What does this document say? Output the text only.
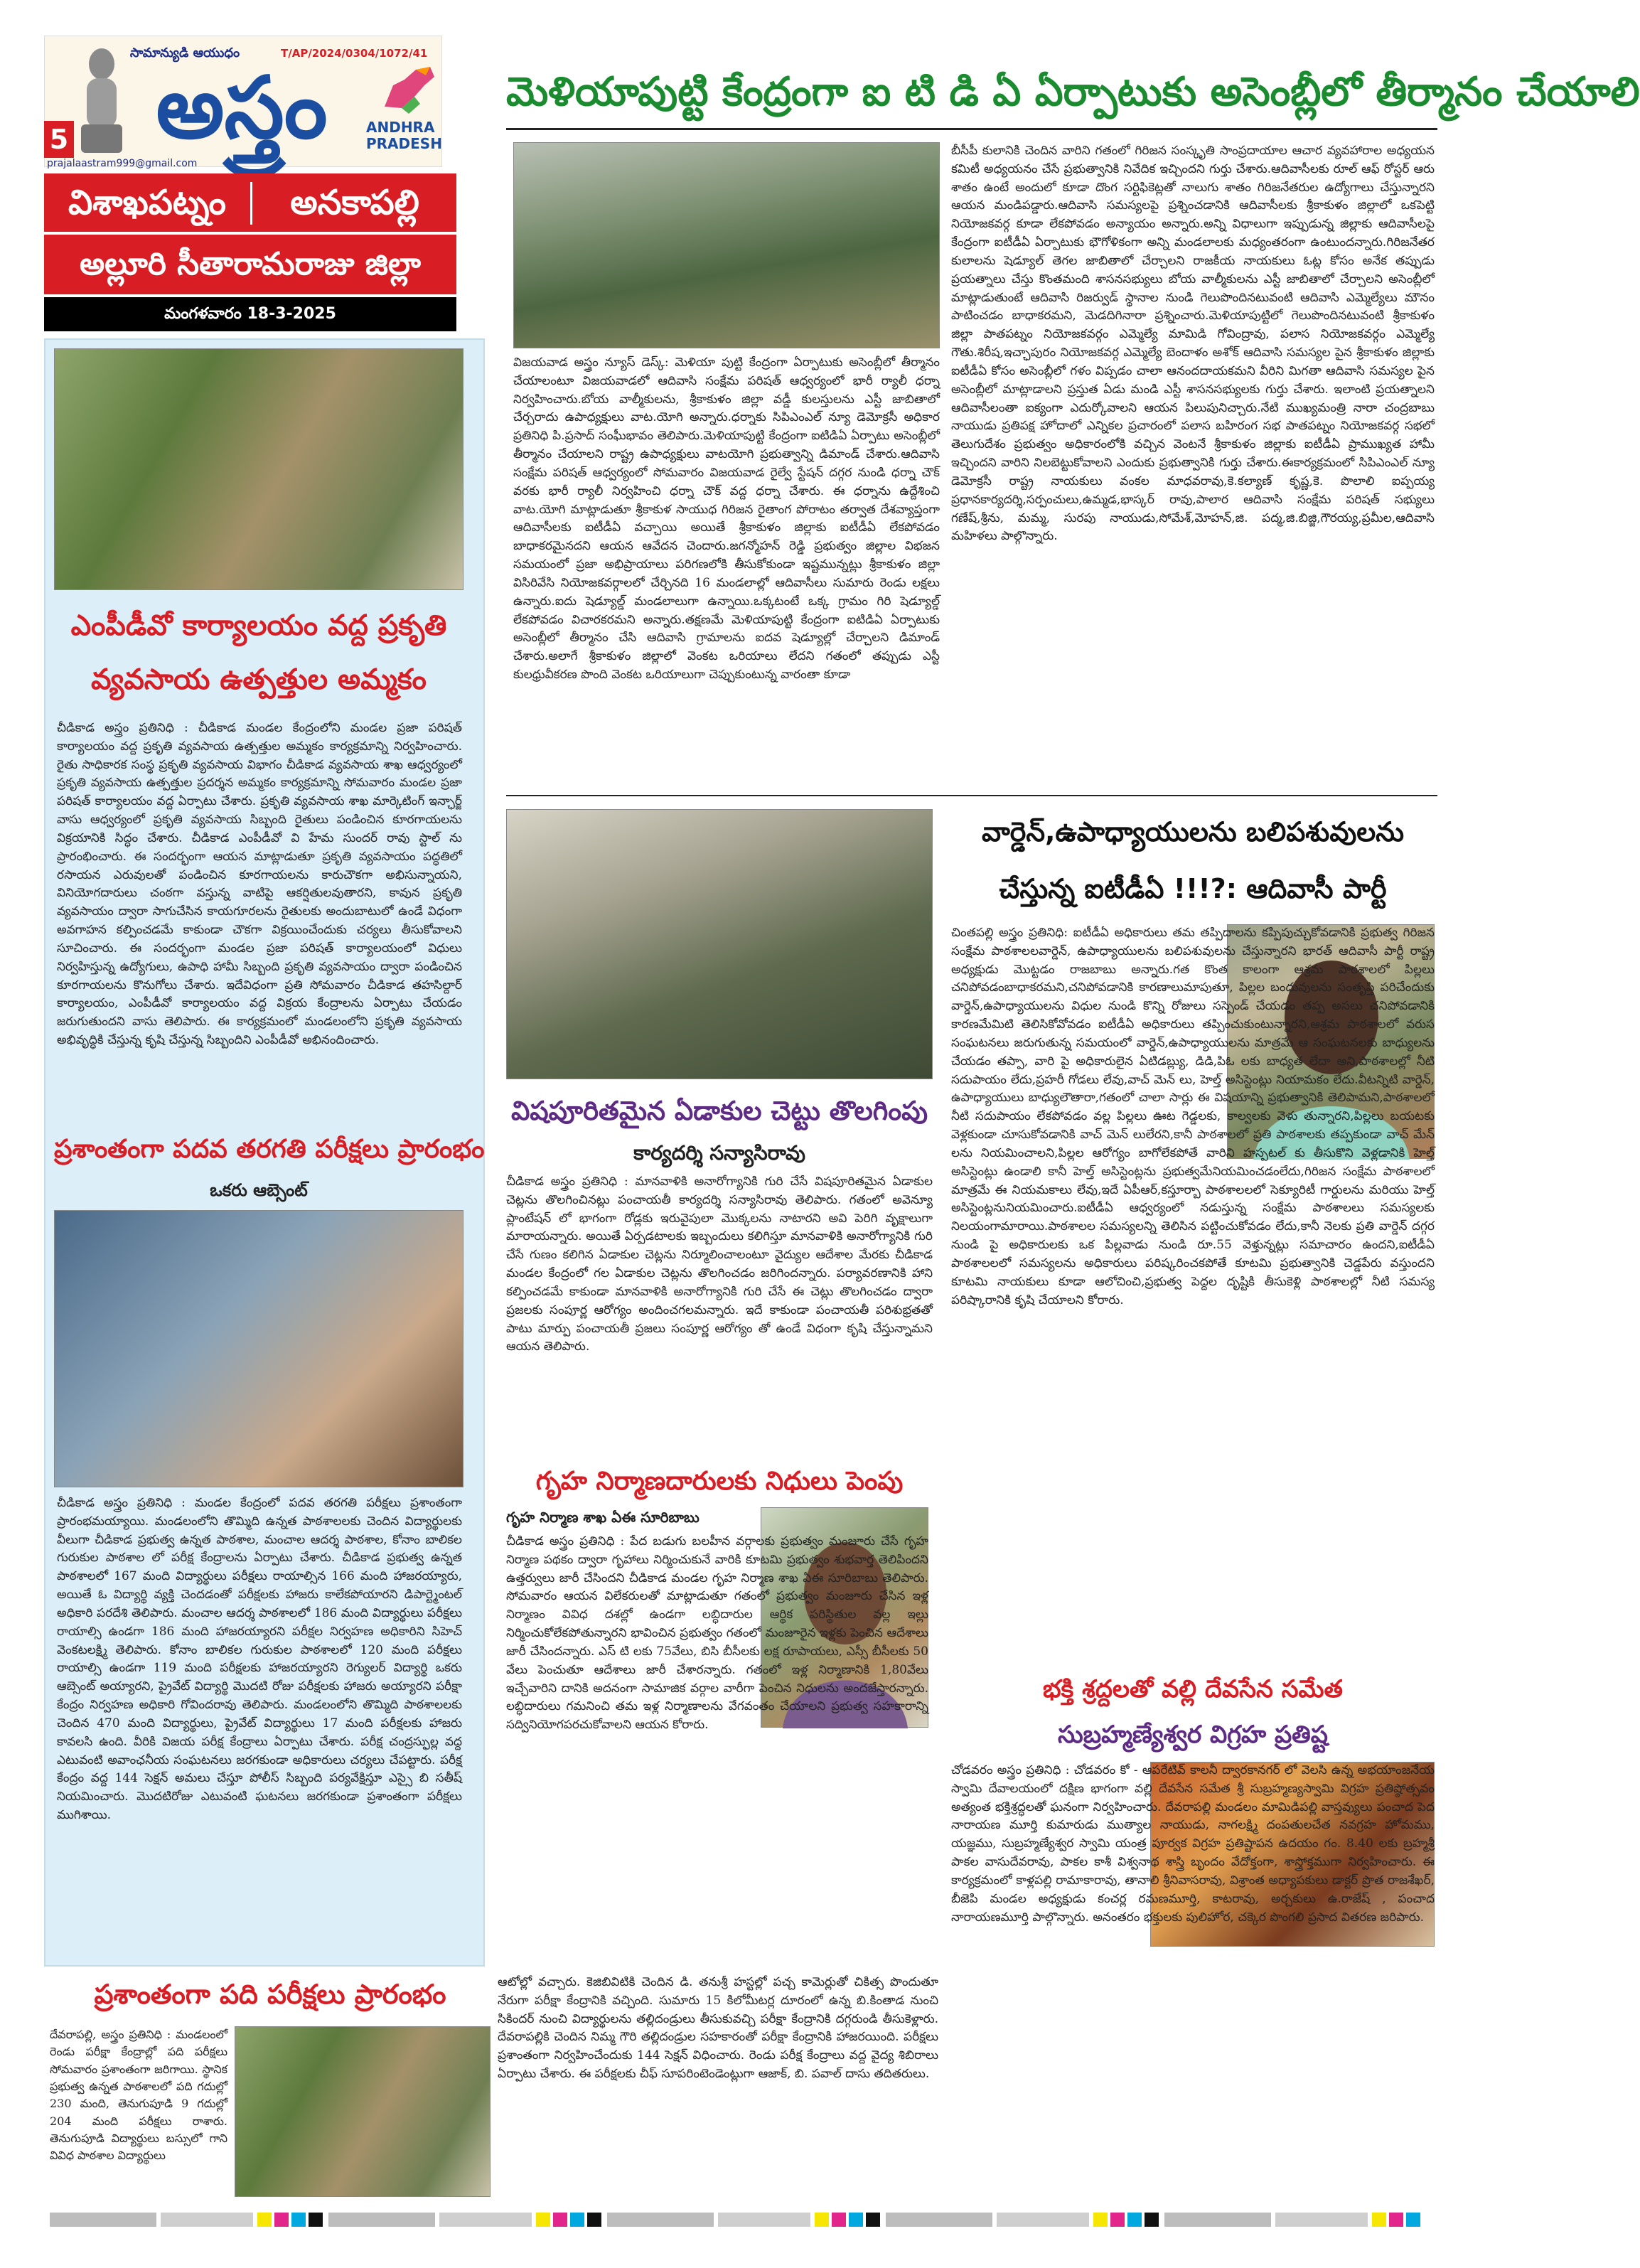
5
సామాన్యుడి ఆయుధం	T/AP/2024/0304/1072/41
అస్త్రం	ANDHRA PRADESH
prajalaastram999@gmail.com
విశాఖపట్నం	అనకాపల్లి
అల్లూరి సీతారామరాజు జిల్లా
మంగళవారం 18-3-2025
మెళియాపుట్టి కేంద్రంగా ఐ టి డి ఏ ఏర్పాటుకు అసెంబ్లీలో తీర్మానం చేయాలి
విజయవాడ అస్త్రం న్యూస్ డెస్క్: మెళియా పుట్టి కేంద్రంగా ఏర్పాటుకు అసెంబ్లీలో తీర్మానం చేయాలంటూ విజయవాడలో ఆదివాసి సంక్షేమ పరిషత్ ఆధ్వర్యంలో భారీ ర్యాలీ ధర్నా నిర్వహించారు.బోయ వాల్మీకులను, శ్రీకాకుళం జిల్లా వడ్డీ కులస్తులను ఎస్టీ జాబితాలో చేర్చరాదు ఉపాధ్యక్షులు వాట.యోగి అన్నారు.ధర్నాకు సిపిఎంఎల్ న్యూ డెమోక్రసీ అధికార ప్రతినిధి పి.ప్రసాద్ సంఘీభావం తెలిపారు.మెళియాపుట్టి కేంద్రంగా ఐటిడిఏ ఏర్పాటు అసెంబ్లీలో తీర్మానం చేయాలని రాష్ట్ర ఉపాధ్యక్షులు వాటయోగి ప్రభుత్వాన్ని డిమాండ్ చేశారు.ఆదివాసి సంక్షేమ పరిషత్ ఆధ్వర్యంలో సోమవారం విజయవాడ రైల్వే స్టేషన్ దగ్గర నుండి ధర్నా చౌక్ వరకు భారీ ర్యాలీ నిర్వహించి ధర్నా చౌక్ వద్ద ధర్నా చేశారు. ఈ ధర్నాను ఉద్దేశించి వాట.యోగి మాట్లాడుతూ శ్రీకాకుళ సాయుధ గిరిజన రైతాంగ పోరాటం తర్వాత దేశవ్యాప్తంగా ఆదివాసీలకు ఐటీడీఏ వచ్చాయి అయితే శ్రీకాకుళం జిల్లాకు ఐటీడీఏ లేకపోవడం బాధాకరమైనదని ఆయన ఆవేదన చెందారు.జగన్మోహన్ రెడ్డి ప్రభుత్వం జిల్లాల విభజన సమయంలో ప్రజా అభిప్రాయాలు పరిగణలోకి తీసుకోకుండా ఇష్టమున్నట్లు శ్రీకాకుళం జిల్లా విసిరివేసి నియోజకవర్గాలలో చేర్చినది 16 మండలాల్లో ఆదివాసీలు సుమారు రెండు లక్షలు ఉన్నారు.ఐదు షెడ్యూల్డ్ మండలాలుగా ఉన్నాయి.ఒక్కటంటే ఒక్క గ్రామం గిరి షెడ్యూల్డ్ లేకపోవడం విచారకరమని అన్నారు.తక్షణమే మెళియాపుట్టి కేంద్రంగా ఐటిడిఏ ఏర్పాటుకు అసెంబ్లీలో తీర్మానం చేసి ఆదివాసి గ్రామాలను ఐదవ షెడ్యూల్లో చేర్చాలని డిమాండ్ చేశారు.అలాగే శ్రీకాకుళం జిల్లాలో వెంకట ఒరియాలు లేదని గతంలో తప్పుడు ఎస్టీ కులధ్రువీకరణ పొంది వెంకట ఒరియాలుగా చెప్పుకుంటున్న వారంతా కూడా
బీసీపీ కులానికి చెందిన వారిని గతంలో గిరిజన సంస్కృతి సాంప్రదాయాల ఆచార వ్యవహారాల అధ్యయన కమిటీ అధ్యయనం చేసే ప్రభుత్వానికి నివేదిక ఇచ్చిందని గుర్తు చేశారు.ఆదివాసీలకు రూల్ ఆఫ్ రోస్టర్ ఆరు శాతం ఉంటే అందులో కూడా దొంగ సర్టిఫికెట్లతో నాలుగు శాతం గిరిజనేతరుల ఉద్యోగాలు చేస్తున్నారని ఆయన మండిపడ్డారు.ఆదివాసి సమస్యలపై ప్రశ్నించడానికి ఆదివాసీలకు శ్రీకాకుళం జిల్లాలో ఒకపెట్టి నియోజకవర్గ కూడా లేకపోవడం అన్యాయం అన్నారు.అన్ని విధాలుగా ఇప్పుడున్న జిల్లాకు ఆదివాసీలపై కేంద్రంగా ఐటీడీఏ ఏర్పాటుకు భౌగోళికంగా అన్ని మండలాలకు మధ్యంతరంగా ఉంటుందన్నారు.గిరిజనేతర కులాలను షెడ్యూల్ తెగల జాబితాలో చేర్చాలని రాజకీయ నాయకులు ఓట్ల కోసం అనేక తప్పుడు ప్రయత్నాలు చేస్తు కొంతమంది శాసనసభ్యులు బోయ వాల్మీకులను ఎస్టీ జాబితాలో చేర్చాలని అసెంబ్లీలో మాట్లాడుతుంటే ఆదివాసి రిజర్వుడ్ స్థానాల నుండి గెలుపొందినటువంటి ఆదివాసి ఎమ్మెల్యేలు మౌనం పాటించడం బాధాకరమని, మెడదిగినారా ప్రశ్నించారు.మెళియాపుట్టిలో గెలుపొందినటువంటి శ్రీకాకుళం జిల్లా పాతపట్నం నియోజకవర్గం ఎమ్మెల్యే మామిడి గోవింద్రావు, పలాస నియోజకవర్గం ఎమ్మెల్యే గౌతు.శిరీష,ఇచ్ఛాపురం నియోజకవర్గ ఎమ్మెల్యే బెందాళం అశోక్ ఆదివాసి సమస్యల పైన శ్రీకాకుళం జిల్లాకు ఐటీడీఏ కోసం అసెంబ్లీలో గళం విప్పడం చాలా ఆనందదాయకమని వీరిని మిగతా ఆదివాసి సమస్యల పైన అసెంబ్లీలో మాట్లాడాలని ప్రస్తుత ఏడు మండి ఎస్టీ శాసనసభ్యులకు గుర్తు చేశారు. ఇలాంటి ప్రయత్నాలని ఆదివాసీలంతా ఐక్యంగా ఎదుర్కోవాలని ఆయన పిలుపునిచ్చారు.నేటి ముఖ్యమంత్రి నారా చంద్రబాబు నాయుడు ప్రతిపక్ష హోదాలో ఎన్నికల ప్రచారంలో పలాస బహిరంగ సభ పాతపట్నం నియోజకవర్గ సభలో తెలుగుదేశం ప్రభుత్వం అధికారంలోకి వచ్చిన వెంటనే శ్రీకాకుళం జిల్లాకు ఐటీడీఏ ప్రాముఖ్యత హామీ ఇచ్చిందని వారిని నిలబెట్టుకోవాలని ఎందుకు ప్రభుత్వానికి గుర్తు చేశారు.ఈకార్యక్రమంలో సిపిఎంఎల్ న్యూ డెమోక్రసీ రాష్ట్ర నాయకులు వంకల మాధవరావు,కె.కల్యాణ్ కృష్ణ,కె. పొలాలి ఐప్పయ్య ప్రధానకార్యదర్శి,సర్పంచులు,ఉమ్మడ,భాస్కర్ రావు,పాలార ఆదివాసి సంక్షేమ పరిషత్ సభ్యులు గణేష్,శ్రీను, మమ్మ, సురపు నాయుడు,సోమేశ్,మోహన్,జి. పద్మ,జి.బిజ్జి,గౌరయ్య,ప్రమీల,ఆదివాసి మహిళలు పాల్గొన్నారు.
ఎంపీడీవో కార్యాలయం వద్ద ప్రకృతి వ్యవసాయ ఉత్పత్తుల అమ్మకం
చీడికాడ అస్త్రం ప్రతినిధి : చీడికాడ మండల కేంద్రంలోని మండల ప్రజా పరిషత్ కార్యాలయం వద్ద ప్రకృతి వ్యవసాయ ఉత్పత్తుల అమ్మకం కార్యక్రమాన్ని నిర్వహించారు. రైతు సాధికారక సంస్థ ప్రకృతి వ్యవసాయ విభాగం చీడికాడ వ్యవసాయ శాఖ ఆధ్వర్యంలో ప్రకృతి వ్యవసాయ ఉత్పత్తుల ప్రదర్శన అమ్మకం కార్యక్రమాన్ని సోమవారం మండల ప్రజా పరిషత్ కార్యాలయం వద్ద ఏర్పాటు చేశారు. ప్రకృతి వ్యవసాయ శాఖ మార్కెటింగ్ ఇన్ఛార్జ్ వాసు ఆధ్వర్యంలో ప్రకృతి వ్యవసాయ సిబ్బంది రైతులు పండించిన కూరగాయలను విక్రయానికి సిద్ధం చేశారు. చీడికాడ ఎంపీడీవో వి హేమ సుందర్ రావు స్టాల్ ను ప్రారంభించారు. ఈ సందర్భంగా ఆయన మాట్లాడుతూ ప్రకృతి వ్యవసాయం పద్ధతిలో రసాయన ఎరువులతో పండించిన కూరగాయలను కారుచౌకగా అభిసున్నాయని, వినియోగదారులు చంఠగా వస్తున్న వాటిపై ఆకర్షితులవుతారని, కావున ప్రకృతి వ్యవసాయం ద్వారా సాగుచేసిన కాయగూరలను రైతులకు అందుబాటులో ఉండే విధంగా అవగాహన కల్పించడమే కాకుండా చౌకగా విక్రయించేందుకు చర్యలు తీసుకోవాలని సూచించారు. ఈ సందర్భంగా మండల ప్రజా పరిషత్ కార్యాలయంలో విధులు నిర్వహిస్తున్న ఉద్యోగులు, ఉపాధి హామీ సిబ్బంది ప్రకృతి వ్యవసాయం ద్వారా పండించిన కూరగాయలను కొనుగోలు చేశారు. ఇదేవిధంగా ప్రతి సోమవారం చీడికాడ తహసిల్దార్ కార్యాలయం, ఎంపీడీవో కార్యాలయం వద్ద విక్రయ కేంద్రాలను ఏర్పాటు చేయడం జరుగుతుందని వాసు తెలిపారు. ఈ కార్యక్రమంలో మండలంలోని ప్రకృతి వ్యవసాయ అభివృద్ధికి చేస్తున్న కృషి చేస్తున్న సిబ్బందిని ఎంపీడీవో అభినందించారు.
ప్రశాంతంగా పదవ తరగతి పరీక్షలు ప్రారంభం
ఒకరు ఆబ్సెంట్
చీడికాడ అస్త్రం ప్రతినిధి : మండల కేంద్రంలో పదవ తరగతి పరీక్షలు ప్రశాంతంగా ప్రారంభమయ్యాయి. మండలంలోని తొమ్మిది ఉన్నత పాఠశాలలకు చెందిన విద్యార్థులకు వీలుగా చీడికాడ ప్రభుత్వ ఉన్నత పాఠశాల, మంచాల ఆదర్శ పాఠశాల, కోనాం బాలికల గురుకుల పాఠశాల లో పరీక్ష కేంద్రాలను ఏర్పాటు చేశారు. చీడికాడ ప్రభుత్వ ఉన్నత పాఠశాలలో 167 మంది విద్యార్థులు పరీక్షలు రాయాల్సిన 166 మంది హాజరయ్యారు, అయితే ఓ విద్యార్థి వ్యక్తి చెందడంతో పరీక్షలకు హాజరు కాలేకపోయారని డిపార్ట్మెంటల్ అధికారి పరదేశి తెలిపారు. మంచాల ఆదర్శ పాఠశాలలో 186 మంది విద్యార్థులు పరీక్షలు రాయాల్సి ఉండగా 186 మంది హాజరయ్యారని పరీక్షల నిర్వహణ అధికారిని సిహెచ్ వెంకటలక్ష్మి తెలిపారు. కోనాం బాలికల గురుకుల పాఠశాలలో 120 మంది పరీక్షలు రాయాల్సి ఉండగా 119 మంది పరీక్షలకు హాజరయ్యారని రెగ్యులర్ విద్యార్థి ఒకరు ఆబ్సెంట్ అయ్యారని, ప్రైవేట్ విద్యార్థి మొదటి రోజు పరీక్షలకు హాజరు అయ్యారని పరీక్షా కేంద్రం నిర్వహణ అధికారి గోవిందరావు తెలిపారు. మండలంలోని తొమ్మిది పాఠశాలలకు చెందిన 470 మంది విద్యార్థులు, ప్రైవేట్ విద్యార్థులు 17 మంది పరీక్షలకు హాజరు కావలసి ఉంది. వీరికి విజయ పరీక్ష కేంద్రాలు ఏర్పాటు చేశారు. పరీక్ష చంద్రస్ఫుల్ల వద్ద ఎటువంటి అవాంఛనీయ సంఘటనలు జరగకుండా అధికారులు చర్యలు చేపట్టారు. పరీక్ష కేంద్రం వద్ద 144 సెక్షన్ అమలు చేస్తూ పోలీస్ సిబ్బంది పర్యవేక్షిస్తూ ఎస్సై బి సతీష్ నియమించారు. మొదటిరోజు ఎటువంటి ఘటనలు జరగకుండా ప్రశాంతంగా పరీక్షలు ముగిశాయి.
విషపూరితమైన ఏడాకుల చెట్టు తొలగింపు
కార్యదర్శి సన్యాసిరావు
చీడికాడ అస్త్రం ప్రతినిధి : మానవాళికి అనారోగ్యానికి గురి చేసే విషపూరితమైన ఏడాకుల చెట్లను తొలగించినట్లు పంచాయతీ కార్యదర్శి సన్యాసిరావు తెలిపారు. గతంలో అవెన్యూ ప్లాంటేషన్ లో భాగంగా రోడ్లకు ఇరువైపులా మొక్కలను నాటారని అవి పెరిగి వృక్షాలుగా మారాయన్నారు. అయితే ఏర్పడటాలకు ఇబ్బందులు కలిగిస్తూ మానవాళికి అనారోగ్యానికి గురి చేసే గుణం కలిగిన ఏడాకుల చెట్లను నిర్మూలించాలంటూ వైద్యుల ఆదేశాల మేరకు చీడికాడ మండల కేంద్రంలో గల ఏడాకుల చెట్లను తొలగించడం జరిగిందన్నారు. పర్యావరణానికి హాని కల్పించడమే కాకుండా మానవాళికి అనారోగ్యానికి గురి చేసే ఈ చెట్లు తొలగించడం ద్వారా ప్రజలకు సంపూర్ణ ఆరోగ్యం అందించగలమన్నారు. ఇదే కాకుండా పంచాయతీ పరిశుభ్రతతో పాటు మార్పు పంచాయతీ ప్రజలు సంపూర్ణ ఆరోగ్యం తో ఉండే విధంగా కృషి చేస్తున్నామని ఆయన తెలిపారు.
గృహ నిర్మాణదారులకు నిధులు పెంపు
గృహ నిర్మాణ శాఖ ఏఈ సూరిబాబు
చీడికాడ అస్త్రం ప్రతినిధి : పేద బడుగు బలహీన వర్గాలకు ప్రభుత్వం మంజూరు చేసే గృహ నిర్మాణ పథకం ద్వారా గృహాలు నిర్మించుకునే వారికి కూటమి ప్రభుత్వం శుభవార్త తెలిపిందని ఉత్తర్వులు జారీ చేసిందని చీడికాడ మండల గృహ నిర్మాణ శాఖ ఏఈ సూరిబాబు తెలిపారు. సోమవారం ఆయన విలేకరులతో మాట్లాడుతూ గతంలో ప్రభుత్వం మంజూరు చేసిన ఇళ్ల నిర్మాణం వివిధ దశల్లో ఉండగా లబ్ధిదారుల ఆర్థిక పరిస్థితుల వల్ల ఇల్లు నిర్మించుకోలేకపోతున్నారని భావించిన ప్రభుత్వం గతంలో మంజూరైన ఇళ్లకు పెంచిన ఆదేశాలు జారీ చేసిందన్నారు. ఎస్ టి లకు 75వేలు, బిసి బీసీలకు లక్ష రూపాయలు, ఎస్సీ బీసీలకు 50 వేలు పెంచుతూ ఆదేశాలు జారీ చేశారన్నారు. గతంలో ఇళ్ల నిర్మాణానికి 1,80వేలు ఇచ్చేవారిని దానికి అదనంగా సామాజిక వర్గాల వారీగా పెంచిన నిధులను అందజేస్తారన్నారు. లబ్ధిదారులు గమనించి తమ ఇళ్ల నిర్మాణాలను వేగవంతం చేయాలని ప్రభుత్వ సహకారాన్ని సద్వినియోగపరచుకోవాలని ఆయన కోరారు.
వార్డెన్,ఉపాధ్యాయులను బలిపశువులను చేస్తున్న ఐటీడీఏ !!!?: ఆదివాసీ పార్టీ
చింతపల్లి అస్త్రం ప్రతినిధి: ఐటీడీఏ అధికారులు తమ తప్పిదాలను కప్పిపుచ్చుకోవడానికి ప్రభుత్వ గిరిజన సంక్షేమ పాఠశాలలవార్డెన్, ఉపాధ్యాయులను బలిపశువులను చేస్తున్నారని భారత్ ఆదివాసీ పార్టీ రాష్ట్ర అధ్యక్షుడు మొట్టడం రాజబాబు అన్నారు.గత కొంత కాలంగా ఆశ్రమ పాఠశాలలో పిల్లలు చనిపోవడంబాధాకరమని,చనిపోవడానికి కారణాలుమాపుతూ, పిల్లల బంధువులను సంతృప్తి పరిచేందుకు వార్డెన్,ఉపాధ్యాయులను విధుల నుండి కొన్ని రోజులు సస్పెండ్ చేయడం తప్ప అసలు చనిపోవడానికి కారణమేమిటి తెలిసికోవోవడం ఐటీడీఏ అధికారులు తప్పించుకుంటున్నారని,ఆశ్రమ పాఠశాలలో వరుస సంఘటనలు జరుగుతున్న సమయంలో వార్డెన్,ఉపాధ్యాయులను మాత్రమే ఆ సంఘటనలకు బాధ్యులను చేయడం తప్పా, వారి పై అధికారులైన ఏటిడబ్ల్యు, డిడి,పిఓ లకు బాధ్యత లేదా అని,పాఠశాలల్లో నీటి సదుపాయం లేదు,ప్రహరీ గోడలు లేవు,వాచ్ మెన్ లు, హెల్త్ అసిస్టెంట్లు నియామకం లేదు.వీటన్నిటి వార్డెన్, ఉపాధ్యాయులు బాధ్యులౌతారా,గతంలో చాలా సార్లు ఈ విషయాన్ని ప్రభుత్వానికి తెలిపామని,పాఠశాలలో నీటి సదుపాయం లేకపోవడం వల్ల పిల్లలు ఊట గెడ్డలకు, కాల్వలకు వెళు తున్నారని,పిల్లలు బయటకు వెళ్లకుండా చూసుకోవడానికి వాచ్ మెన్ లులేరని,కానీ పాఠశాలలో ప్రతి పాఠశాలకు తప్పకుండా వాచ్ మేన్ లను నియమించాలని,పిల్లల ఆరోగ్యం బాగోలేకపోతే వారిని హస్పటల్ కు తీసుకొని వెళ్లడానికి హెల్త్ అసిస్టెంట్లు ఉండాలి కానీ హెల్త్ అసిస్టెంట్లను ప్రభుత్వమేనియమించడంలేదు,గిరిజన సంక్షేమ పాఠశాలలో మాత్రమే ఈ నియమకాలు లేవు,ఇదే ఏపీఆర్,కస్తూర్బా పాఠశాలలలో సెక్యూరిటీ గార్డులను మరియు హెల్త్ అసిస్టెంట్లనునియమించారు.ఐటీడీఏ ఆధ్వర్యంలో నడుస్తున్న సంక్షేమ పాఠశాలలు సమస్యలకు నిలయంగామారాయి.పాఠశాలల సమస్యలన్ని తెలిసిన పట్టించుకోవడం లేదు,కానీ నెలకు ప్రతి వార్డెన్ దగ్గర నుండి పై అధికారులకు ఒక పిల్లవాడు నుండి రూ.55 వెళ్తున్నట్లు సమాచారం ఉందని,ఐటీడీఏ పాఠశాలలలో సమస్యలను అధికారులు పరిష్కరించకపోతే కూటమి ప్రభుత్వానికి చెడ్డపేరు వస్తుందని కూటమి నాయకులు కూడా ఆలోచించి,ప్రభుత్వ పెద్దల దృష్టికి తీసుకెళ్లి పాఠశాలల్లో నీటి సమస్య పరిష్కారానికి కృషి చేయాలని కోరారు.
భక్తి శ్రద్దలతో వల్లి దేవసేన సమేత
సుబ్రహ్మణ్యేశ్వర విగ్రహ ప్రతిష్ట
చోడవరం అస్త్రం ప్రతినిధి : చోడవరం కో - ఆపరేటివ్ కాలనీ ద్వారకానగర్ లో వెలసి ఉన్న అభయాంజనేయ స్వామి దేవాలయంలో దక్షిణ భాగంగా వల్లి దేవసేన సమేత శ్రీ సుబ్రహ్మణ్యస్వామి విగ్రహ ప్రతిష్ఠోత్సవం అత్యంత భక్తిశ్రద్ధలతో ఘనంగా నిర్వహించారు. దేవరాపల్లి మండలం మామిడిపల్లి వాస్తవ్యులు పంచాద పెద నారాయణ మూర్తి కుమారుడు ముత్యాల నాయుడు, నాగలక్ష్మి దంపతులచేత నవగ్రహ హోమము, యజ్ఞము, సుబ్రహ్మణ్యేశ్వర స్వామి యంత్ర పూర్వక విగ్రహ ప్రతిష్టాపన ఉదయం గం. 8.40 లకు బ్రహ్మశ్రీ పాకల వాసుదేవరావు, పాకల కాశీ విశ్వనాథ శాస్త్రి బృందం వేదోక్తంగా, శాస్త్రోక్తముగా నిర్వహించారు. ఈ కార్యక్రమంలో కాళ్లపల్లి రామాకారావు, తానాలి శ్రీనివాసరావు, విశ్రాంత అధ్యాపకులు డాక్టర్ ప్రొత రాజశేఖర్, బీజెపి మండల అధ్యక్షుడు కంచర్ల రమణమూర్తి, కాటరావు, అర్చకులు ఉ.రాజేష్ , పంచాద నారాయణమూర్తి పాల్గొన్నారు. అనంతరం భక్తులకు పులిహోర, చక్కెర పొంగలి ప్రసాద వితరణ జరిపారు.
ప్రశాంతంగా పది పరీక్షలు ప్రారంభం
దేవరాపల్లి, అస్త్రం ప్రతినిధి : మండలంలో రెండు పరీక్షా కేంద్రాల్లో పది పరీక్షలు సోమవారం ప్రశాంతంగా జరిగాయి. స్థానిక ప్రభుత్వ ఉన్నత పాఠశాలలో పది గదుల్లో 230 మంది, తెనుగుపూడి 9 గదుల్లో 204 మంది పరీక్షలు రాశారు. తెనుగుపూడి విద్యార్థులు బస్సులో గాని వివిధ పాఠశాల విద్యార్థులు
ఆటోల్లో వచ్చారు. కెజిబివిటికి చెందిన డి. తనుశ్రీ హస్టల్లో పచ్చ కామెర్లుతో చికిత్స పొందుతూ నేరుగా పరీక్షా కేంద్రానికి వచ్చింది. సుమారు 15 కిలోమీటర్ల దూరంలో ఉన్న బి.కింతాడ నుంచి సికిందర్ నుంచి విద్యార్థులను తల్లిదండ్రులు తీసుకువచ్చి పరీక్షా కేంద్రానికి దగ్గరుండి తీసుకెళ్లారు. దేవరాపల్లికి చెందిన నిమ్మ గౌరి తల్లిదండ్రుల సహకారంతో పరీక్షా కేంద్రానికి హాజరయింది. పరీక్షలు ప్రశాంతంగా నిర్వహించేందుకు 144 సెక్షన్ విధించారు. రెండు పరీక్ష కేంద్రాలు వద్ద వైద్య శిబిరాలు ఏర్పాటు చేశారు. ఈ పరీక్షలకు చీఫ్ సూపరింటెండెంట్లుగా ఆజాక్, బి. పవాల్ దాసు తదితరులు.
